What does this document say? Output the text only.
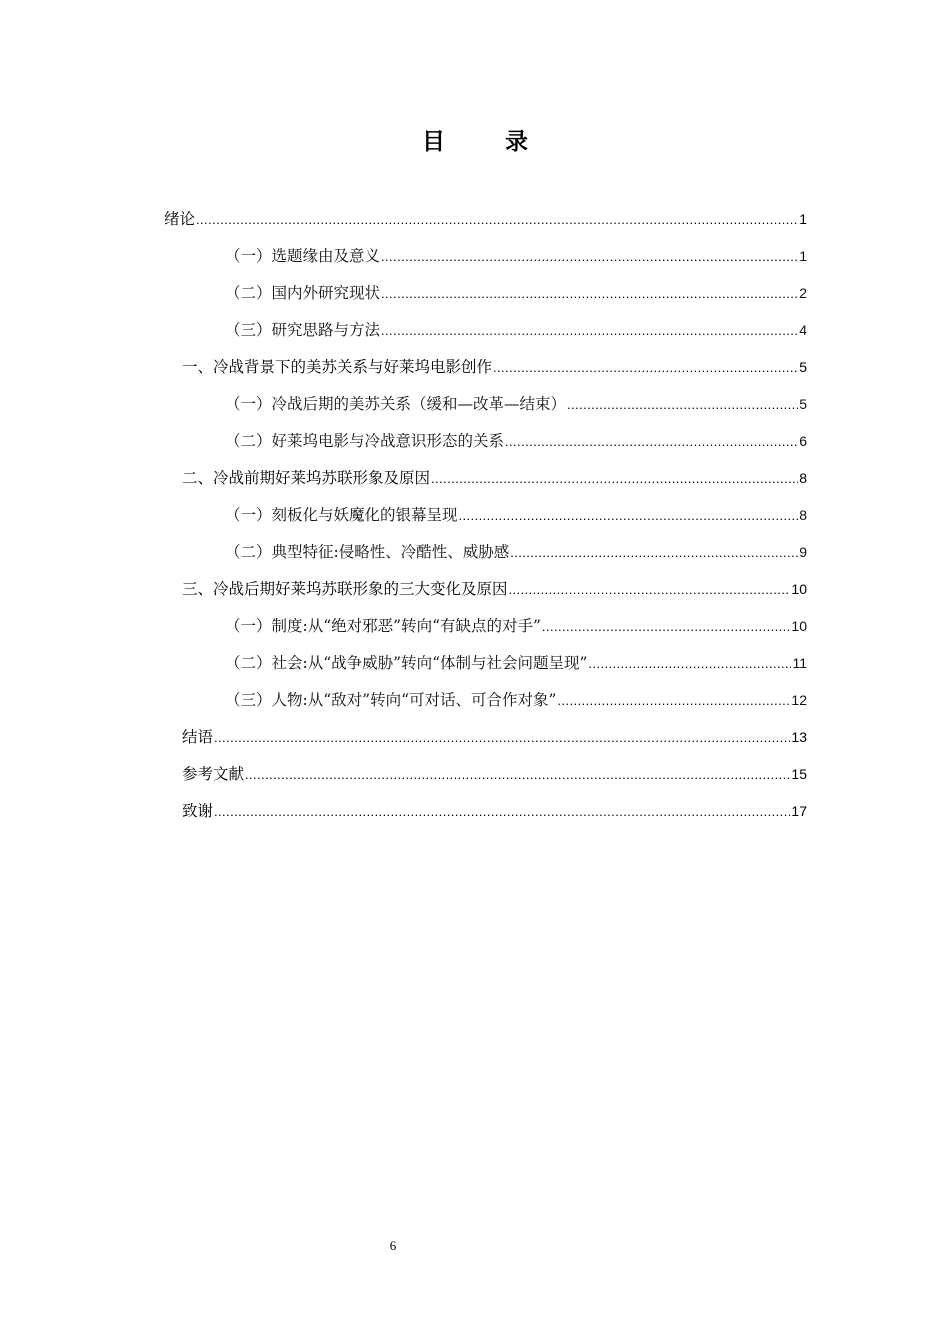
目 录
绪论 .....	1
（一）选题缘由及意义 .....	1
（二）国内外研究现状 .....	2
（三）研究思路与方法 .....	4
一、冷战背景下的美苏关系与好莱坞电影创作 .....	5
（一）冷战后期的美苏关系（缓和—改革—结束） .....	5
（二）好莱坞电影与冷战意识形态的关系 .....	6
二、冷战前期好莱坞苏联形象及原因 .....	8
（一）刻板化与妖魔化的银幕呈现 .....	8
（二）典型特征:侵略性、冷酷性、威胁感 .....	9
三、冷战后期好莱坞苏联形象的三大变化及原因 .....	10
（一）制度:从“绝对邪恶”转向“有缺点的对手” .....	10
（二）社会:从“战争威胁”转向“体制与社会问题呈现” .....	11
（三）人物:从“敌对”转向“可对话、可合作对象” .....	12
结语 .....	13
参考文献 .....	15
致谢 .....	17
6
